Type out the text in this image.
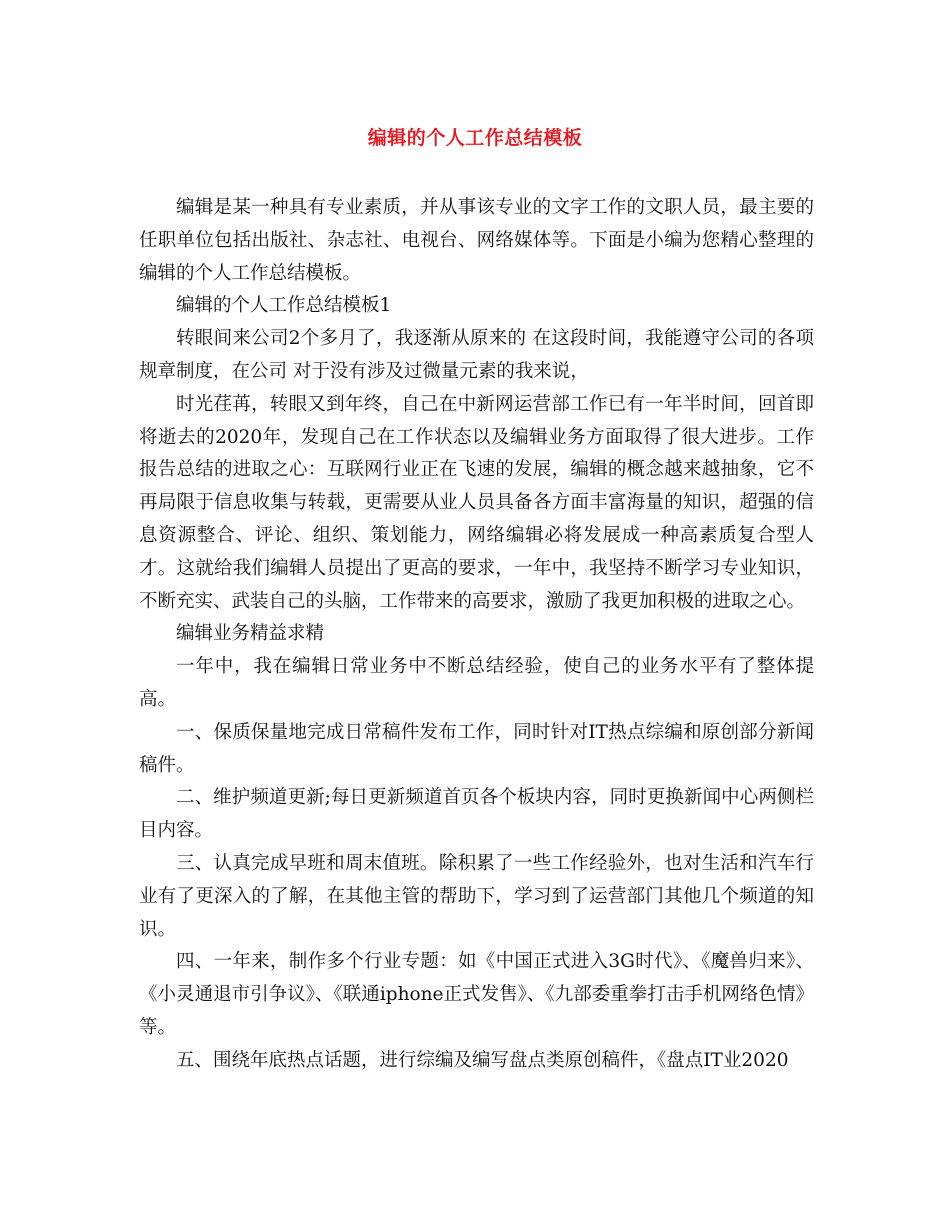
编辑的个人工作总结模板

编辑是某一种具有专业素质，并从事该专业的文字工作的文职人员，最主要的任职单位包括出版社、杂志社、电视台、网络媒体等。下面是小编为您精心整理的编辑的个人工作总结模板。

编辑的个人工作总结模板1

转眼间来公司2个多月了，我逐渐从原来的 在这段时间，我能遵守公司的各项规章制度，在公司 对于没有涉及过微量元素的我来说，

时光荏苒，转眼又到年终，自己在中新网运营部工作已有一年半时间，回首即将逝去的2020年，发现自己在工作状态以及编辑业务方面取得了很大进步。工作报告总结的进取之心：互联网行业正在飞速的发展，编辑的概念越来越抽象，它不再局限于信息收集与转载，更需要从业人员具备各方面丰富海量的知识，超强的信息资源整合、评论、组织、策划能力，网络编辑必将发展成一种高素质复合型人才。这就给我们编辑人员提出了更高的要求，一年中，我坚持不断学习专业知识，不断充实、武装自己的头脑，工作带来的高要求，激励了我更加积极的进取之心。

编辑业务精益求精

一年中，我在编辑日常业务中不断总结经验，使自己的业务水平有了整体提高。

一、保质保量地完成日常稿件发布工作，同时针对IT热点综编和原创部分新闻稿件。

二、维护频道更新;每日更新频道首页各个板块内容，同时更换新闻中心两侧栏目内容。

三、认真完成早班和周末值班。除积累了一些工作经验外，也对生活和汽车行业有了更深入的了解，在其他主管的帮助下，学习到了运营部门其他几个频道的知识。

四、一年来，制作多个行业专题：如《中国正式进入3G时代》、《魔兽归来》、《小灵通退市引争议》、《联通iphone正式发售》、《九部委重拳打击手机网络色情》等。

五、围绕年底热点话题，进行综编及编写盘点类原创稿件，《盘点IT业2020
